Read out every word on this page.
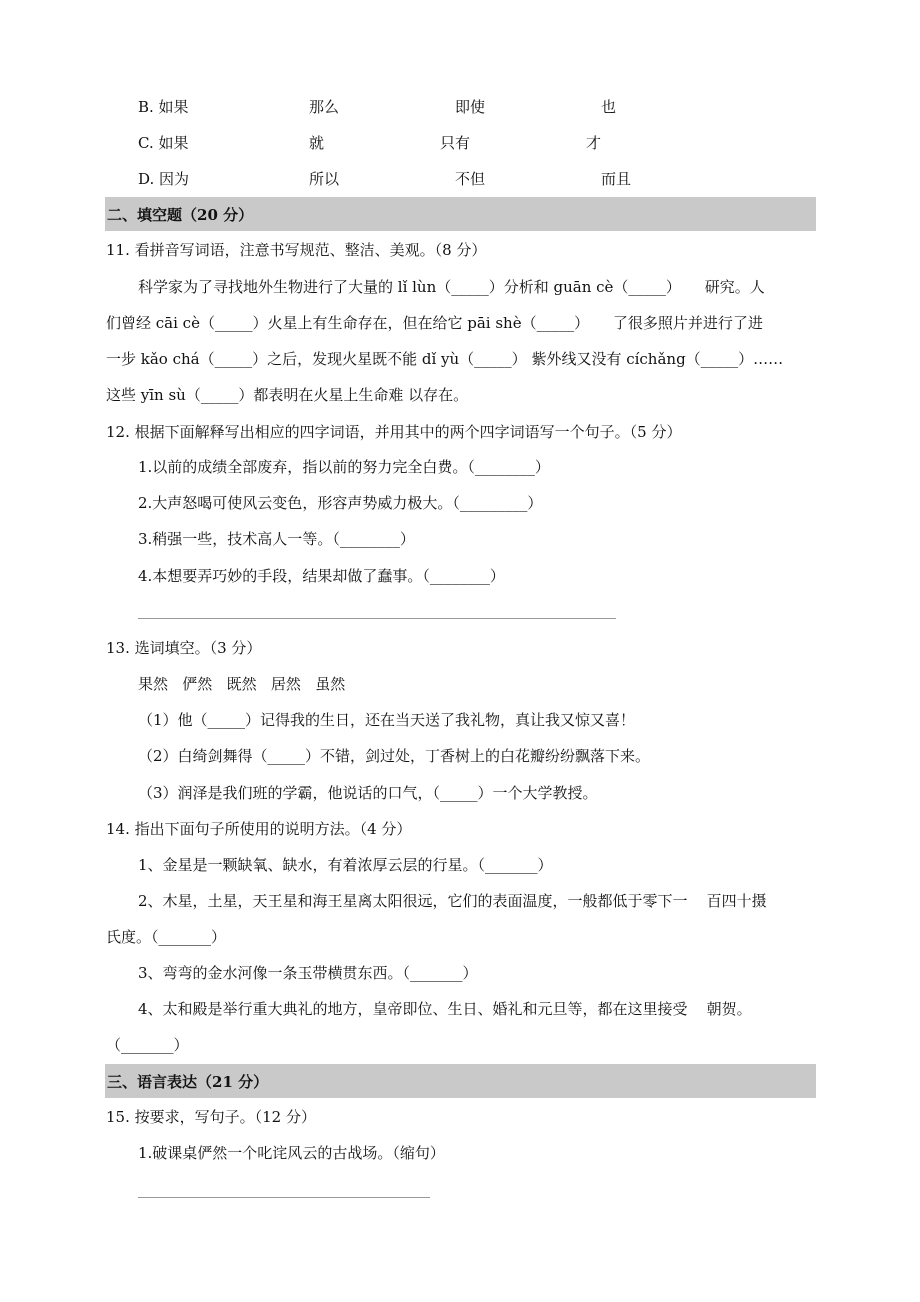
B. 如果	那么	即使	也
C. 如果	就	只有	才
D. 因为	所以	不但	而且
二、填空题（20 分）
11. 看拼音写词语，注意书写规范、整洁、美观。（8 分）
科学家为了寻找地外生物进行了大量的 lǐ lùn（_____）分析和 guān cè（_____）     研究。人
们曾经 cāi cè（_____）火星上有生命存在，但在给它 pāi shè（_____）     了很多照片并进行了进
一步 kǎo chá（_____）之后，发现火星既不能 dǐ yù（_____） 紫外线又没有 cíchǎng（_____）……
这些 yīn sù（_____）都表明在火星上生命难 以存在。
12. 根据下面解释写出相应的四字词语，并用其中的两个四字词语写一个句子。（5 分）
1.以前的成绩全部废弃，指以前的努力完全白费。（________）
2.大声怒喝可使风云变色，形容声势威力极大。（_________）
3.稍强一些，技术高人一等。（________）
4.本想要弄巧妙的手段，结果却做了蠢事。（________）
13. 选词填空。（3 分）
果然   俨然   既然   居然   虽然
（1）他（_____）记得我的生日，还在当天送了我礼物，真让我又惊又喜！
（2）白绮剑舞得（_____）不错，剑过处，丁香树上的白花瓣纷纷飘落下来。
（3）润泽是我们班的学霸，他说话的口气，（_____）一个大学教授。
14. 指出下面句子所使用的说明方法。（4 分）
1、金星是一颗缺氧、缺水，有着浓厚云层的行星。（_______）
2、木星，土星，天王星和海王星离太阳很远，它们的表面温度，一般都低于零下一    百四十摄
氏度。（_______）
3、弯弯的金水河像一条玉带横贯东西。（_______）
4、太和殿是举行重大典礼的地方，皇帝即位、生日、婚礼和元旦等，都在这里接受    朝贺。
（_______）
三、语言表达（21 分）
15. 按要求，写句子。（12 分）
1.破课桌俨然一个叱诧风云的古战场。（缩句）
